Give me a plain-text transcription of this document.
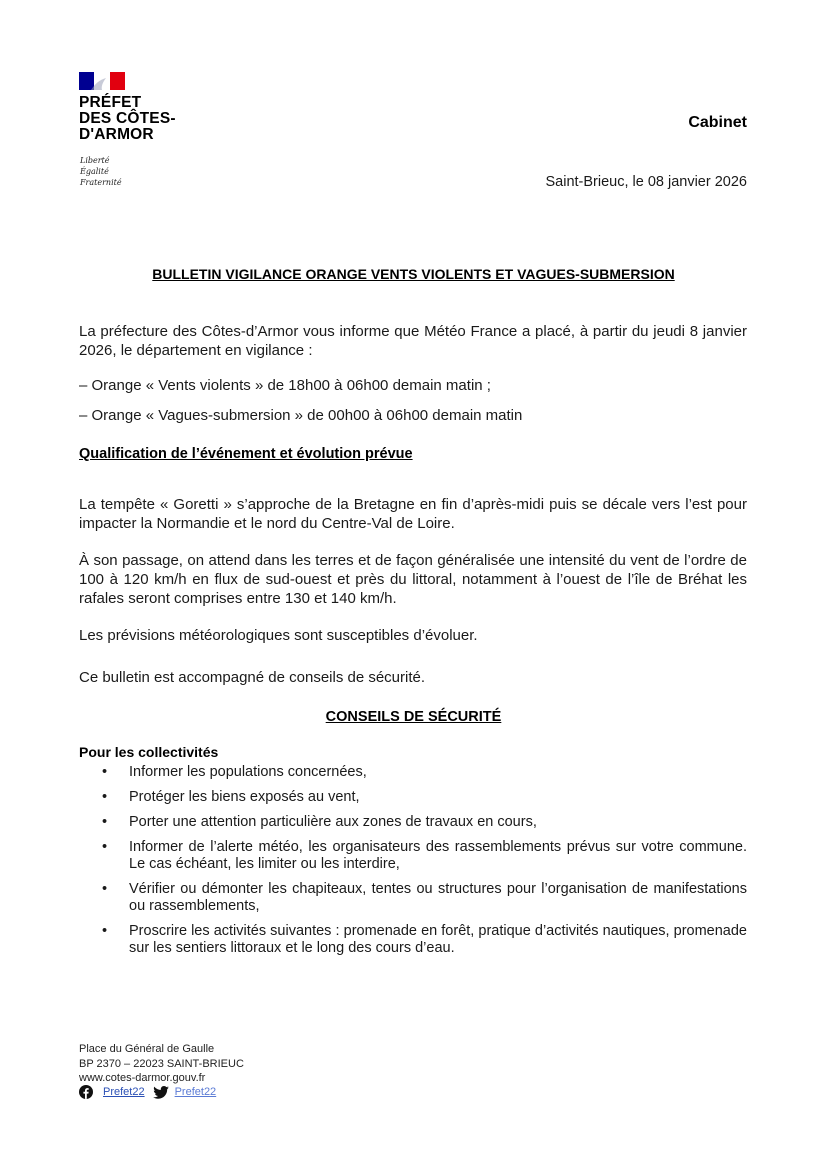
PRÉFET
DES CÔTES-
D'ARMOR
Liberté
Égalité
Fraternité
Cabinet
Saint-Brieuc, le 08 janvier 2026
BULLETIN VIGILANCE ORANGE VENTS VIOLENTS ET VAGUES-SUBMERSION

La préfecture des Côtes-d’Armor vous informe que Météo France a placé, à partir du jeudi 8 janvier 2026, le département en vigilance :

– Orange « Vents violents » de 18h00 à 06h00 demain matin ;
– Orange « Vagues-submersion » de 00h00 à 06h00 demain matin
Qualification de l’événement et évolution prévue
La tempête « Goretti » s’approche de la Bretagne en fin d’après-midi puis se décale vers l’est pour impacter la Normandie et le nord du Centre-Val de Loire.
À son passage, on attend dans les terres et de façon généralisée une intensité du vent de l’ordre de 100 à 120 km/h en flux de sud-ouest et près du littoral, notamment à l’ouest de l’île de Bréhat les rafales seront comprises entre 130 et 140 km/h.
Les prévisions météorologiques sont susceptibles d’évoluer.
Ce bulletin est accompagné de conseils de sécurité.
CONSEILS DE SÉCURITÉ
Pour les collectivités
• Informer les populations concernées,
• Protéger les biens exposés au vent,
• Porter une attention particulière aux zones de travaux en cours,
• Informer de l’alerte météo, les organisateurs des rassemblements prévus sur votre commune. Le cas échéant, les limiter ou les interdire,
• Vérifier ou démonter les chapiteaux, tentes ou structures pour l’organisation de manifestations ou rassemblements,
• Proscrire les activités suivantes : promenade en forêt, pratique d’activités nautiques, promenade sur les sentiers littoraux et le long des cours d’eau.
Place du Général de Gaulle
BP 2370 – 22023 SAINT-BRIEUC
www.cotes-darmor.gouv.fr
Prefet22	Prefet22
